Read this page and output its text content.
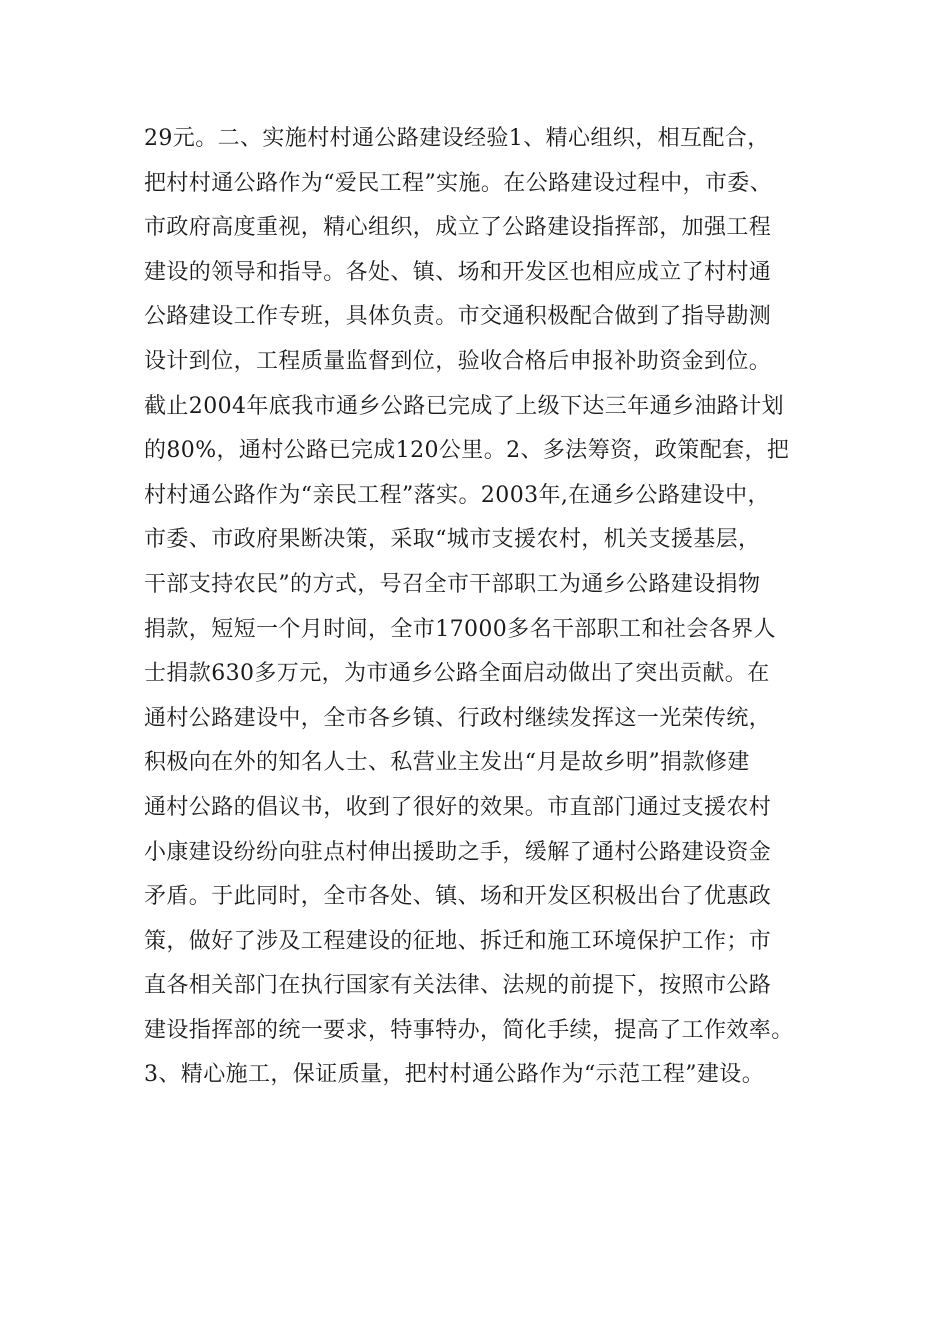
29元。二、实施村村通公路建设经验1、精心组织，相互配合，
把村村通公路作为“爱民工程”实施。在公路建设过程中，市委、
市政府高度重视，精心组织，成立了公路建设指挥部，加强工程
建设的领导和指导。各处、镇、场和开发区也相应成立了村村通
公路建设工作专班，具体负责。市交通积极配合做到了指导勘测
设计到位，工程质量监督到位，验收合格后申报补助资金到位。
截止2004年底我市通乡公路已完成了上级下达三年通乡油路计划
的80%，通村公路已完成120公里。2、多法筹资，政策配套，把
村村通公路作为“亲民工程”落实。2003年,在通乡公路建设中，
市委、市政府果断决策，采取“城市支援农村，机关支援基层，
干部支持农民”的方式，号召全市干部职工为通乡公路建设捐物
捐款，短短一个月时间，全市17000多名干部职工和社会各界人
士捐款630多万元，为市通乡公路全面启动做出了突出贡献。在
通村公路建设中，全市各乡镇、行政村继续发挥这一光荣传统，
积极向在外的知名人士、私营业主发出“月是故乡明”捐款修建
通村公路的倡议书，收到了很好的效果。市直部门通过支援农村
小康建设纷纷向驻点村伸出援助之手，缓解了通村公路建设资金
矛盾。于此同时，全市各处、镇、场和开发区积极出台了优惠政
策，做好了涉及工程建设的征地、拆迁和施工环境保护工作；市
直各相关部门在执行国家有关法律、法规的前提下，按照市公路
建设指挥部的统一要求，特事特办，简化手续，提高了工作效率。
3、精心施工，保证质量，把村村通公路作为“示范工程”建设。
